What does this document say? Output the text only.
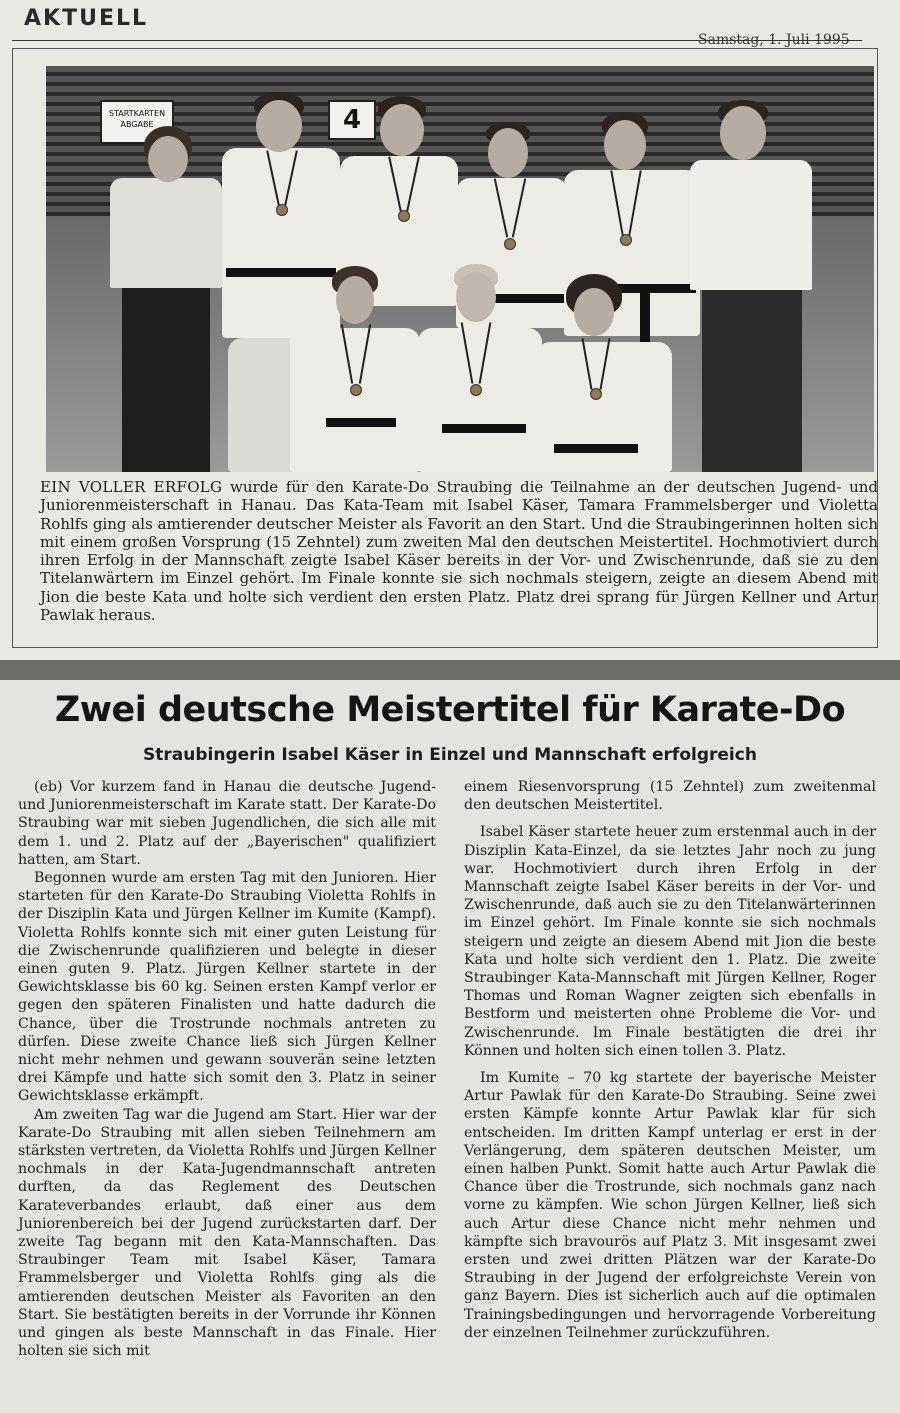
AKTUELL
Samstag, 1. Juli 1995
STARTKARTEN ABGABE	4
EIN VOLLER ERFOLG wurde für den Karate-Do Straubing die Teilnahme an der deutschen Jugend- und Juniorenmeisterschaft in Hanau. Das Kata-Team mit Isabel Käser, Tamara Frammelsberger und Violetta Rohlfs ging als amtierender deutscher Meister als Favorit an den Start. Und die Straubingerinnen holten sich mit einem großen Vorsprung (15 Zehntel) zum zweiten Mal den deutschen Meistertitel. Hochmotiviert durch ihren Erfolg in der Mannschaft zeigte Isabel Käser bereits in der Vor- und Zwischenrunde, daß sie zu den Titelanwärtern im Einzel gehört. Im Finale konnte sie sich nochmals steigern, zeigte an diesem Abend mit Jion die beste Kata und holte sich verdient den ersten Platz. Platz drei sprang für Jürgen Kellner und Artur Pawlak heraus.
Zwei deutsche Meistertitel für Karate-Do
Straubingerin Isabel Käser in Einzel und Mannschaft erfolgreich

(eb) Vor kurzem fand in Hanau die deutsche Jugend- und Juniorenmeisterschaft im Karate statt. Der Karate-Do Straubing war mit sieben Jugendlichen, die sich alle mit dem 1. und 2. Platz auf der „Bayerischen" qualifiziert hatten, am Start.

Begonnen wurde am ersten Tag mit den Junioren. Hier starteten für den Karate-Do Straubing Violetta Rohlfs in der Disziplin Kata und Jürgen Kellner im Kumite (Kampf). Violetta Rohlfs konnte sich mit einer guten Leistung für die Zwischenrunde qualifizieren und belegte in dieser einen guten 9. Platz. Jürgen Kellner startete in der Gewichtsklasse bis 60 kg. Seinen ersten Kampf verlor er gegen den späteren Finalisten und hatte dadurch die Chance, über die Trostrunde nochmals antreten zu dürfen. Diese zweite Chance ließ sich Jürgen Kellner nicht mehr nehmen und gewann souverän seine letzten drei Kämpfe und hatte sich somit den 3. Platz in seiner Gewichtsklasse erkämpft.

Am zweiten Tag war die Jugend am Start. Hier war der Karate-Do Straubing mit allen sieben Teilnehmern am stärksten vertreten, da Violetta Rohlfs und Jürgen Kellner nochmals in der Kata-Jugendmannschaft antreten durften, da das Reglement des Deutschen Karateverbandes erlaubt, daß einer aus dem Juniorenbereich bei der Jugend zurückstarten darf. Der zweite Tag begann mit den Kata-Mannschaften. Das Straubinger Team mit Isabel Käser, Tamara Frammelsberger und Violetta Rohlfs ging als die amtierenden deutschen Meister als Favoriten an den Start. Sie bestätigten bereits in der Vorrunde ihr Können und gingen als beste Mannschaft in das Finale. Hier holten sie sich mit

einem Riesenvorsprung (15 Zehntel) zum zweitenmal den deutschen Meistertitel.

Isabel Käser startete heuer zum erstenmal auch in der Disziplin Kata-Einzel, da sie letztes Jahr noch zu jung war. Hochmotiviert durch ihren Erfolg in der Mannschaft zeigte Isabel Käser bereits in der Vor- und Zwischenrunde, daß auch sie zu den Titelanwärterinnen im Einzel gehört. Im Finale konnte sie sich nochmals steigern und zeigte an diesem Abend mit Jion die beste Kata und holte sich verdient den 1. Platz. Die zweite Straubinger Kata-Mannschaft mit Jürgen Kellner, Roger Thomas und Roman Wagner zeigten sich ebenfalls in Bestform und meisterten ohne Probleme die Vor- und Zwischenrunde. Im Finale bestätigten die drei ihr Können und holten sich einen tollen 3. Platz.

Im Kumite – 70 kg startete der bayerische Meister Artur Pawlak für den Karate-Do Straubing. Seine zwei ersten Kämpfe konnte Artur Pawlak klar für sich entscheiden. Im dritten Kampf unterlag er erst in der Verlängerung, dem späteren deutschen Meister, um einen halben Punkt. Somit hatte auch Artur Pawlak die Chance über die Trostrunde, sich nochmals ganz nach vorne zu kämpfen. Wie schon Jürgen Kellner, ließ sich auch Artur diese Chance nicht mehr nehmen und kämpfte sich bravourös auf Platz 3. Mit insgesamt zwei ersten und zwei dritten Plätzen war der Karate-Do Straubing in der Jugend der erfolgreichste Verein von ganz Bayern. Dies ist sicherlich auch auf die optimalen Trainingsbedingungen und hervorragende Vorbereitung der einzelnen Teilnehmer zurückzuführen.
